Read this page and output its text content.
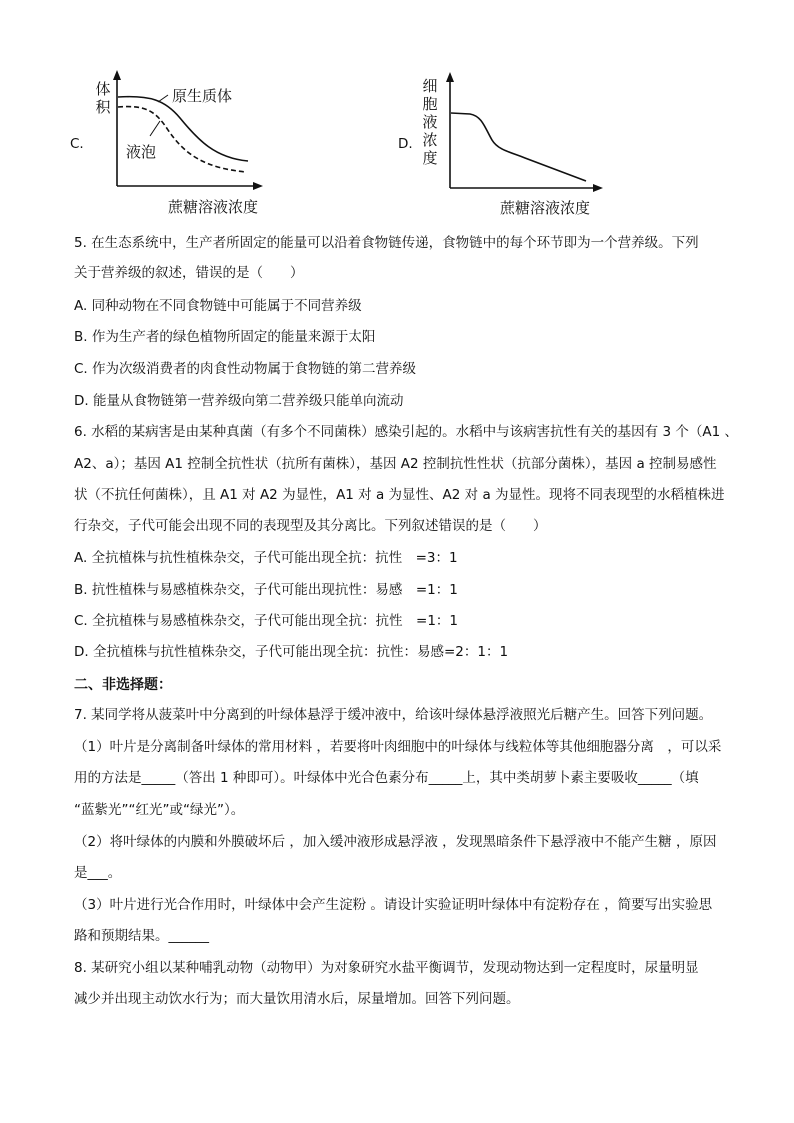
C.
体
积
原生质体
液泡
蔗糖溶液浓度
D.
细
胞
液
浓
度
蔗糖溶液浓度
5. 在生态系统中，生产者所固定的能量可以沿着食物链传递，食物链中的每个环节即为一个营养级。下列
关于营养级的叙述，错误的是（　　）
A. 同种动物在不同食物链中可能属于不同营养级
B. 作为生产者的绿色植物所固定的能量来源于太阳
C. 作为次级消费者的肉食性动物属于食物链的第二营养级
D. 能量从食物链第一营养级向第二营养级只能单向流动
6. 水稻的某病害是由某种真菌（有多个不同菌株）感染引起的。水稻中与该病害抗性有关的基因有 3 个（A1 、
A2、a）；基因 A1 控制全抗性状（抗所有菌株），基因 A2 控制抗性性状（抗部分菌株），基因 a 控制易感性
状（不抗任何菌株），且 A1 对 A2 为显性，A1 对 a 为显性、A2 对 a 为显性。现将不同表现型的水稻植株进
行杂交，子代可能会出现不同的表现型及其分离比。下列叙述错误的是（　　）
A. 全抗植株与抗性植株杂交，子代可能出现全抗：抗性　=3：1
B. 抗性植株与易感植株杂交，子代可能出现抗性：易感　=1：1
C. 全抗植株与易感植株杂交，子代可能出现全抗：抗性　=1：1
D. 全抗植株与抗性植株杂交，子代可能出现全抗：抗性：易感=2：1：1
二、非选择题：
7. 某同学将从菠菜叶中分离到的叶绿体悬浮于缓冲液中，给该叶绿体悬浮液照光后糖产生。回答下列问题。
（1）叶片是分离制备叶绿体的常用材料 ，若要将叶肉细胞中的叶绿体与线粒体等其他细胞器分离　，可以采
用的方法是_____（答出 1 种即可）。叶绿体中光合色素分布_____上，其中类胡萝卜素主要吸收_____（填
“蓝紫光”“红光”或“绿光”）。
（2）将叶绿体的内膜和外膜破坏后 ，加入缓冲液形成悬浮液 ，发现黑暗条件下悬浮液中不能产生糖 ，原因
是___。
（3）叶片进行光合作用时，叶绿体中会产生淀粉 。请设计实验证明叶绿体中有淀粉存在 ，简要写出实验思
路和预期结果。______
8. 某研究小组以某种哺乳动物（动物甲）为对象研究水盐平衡调节，发现动物达到一定程度时，尿量明显
减少并出现主动饮水行为；而大量饮用清水后，尿量增加。回答下列问题。
